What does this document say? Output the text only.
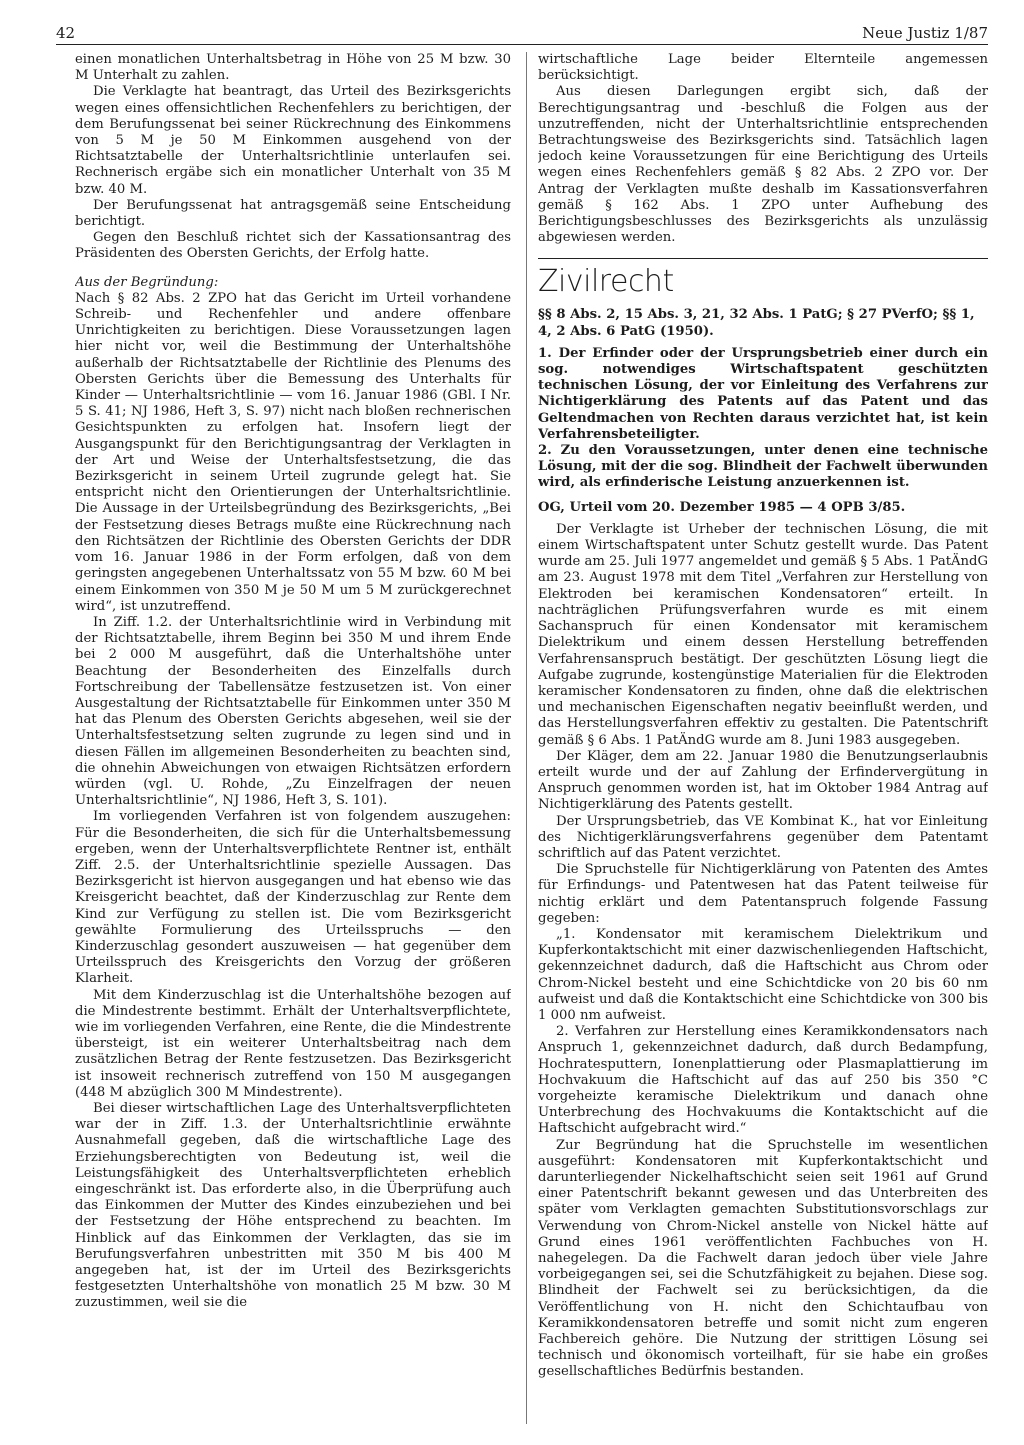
42	Neue Justiz 1/87

einen monatlichen Unterhaltsbetrag in Höhe von 25 M bzw. 30 M Unterhalt zu zahlen.

Die Verklagte hat beantragt, das Urteil des Bezirksgerichts wegen eines offensichtlichen Rechenfehlers zu berichtigen, der dem Berufungssenat bei seiner Rückrechnung des Einkommens von 5 M je 50 M Einkommen ausgehend von der Richtsatztabelle der Unterhaltsrichtlinie unterlaufen sei. Rechnerisch ergäbe sich ein monatlicher Unterhalt von 35 M bzw. 40 M.

Der Berufungssenat hat antragsgemäß seine Entscheidung berichtigt.

Gegen den Beschluß richtet sich der Kassationsantrag des Präsidenten des Obersten Gerichts, der Erfolg hatte.

Aus der Begründung:

Nach § 82 Abs. 2 ZPO hat das Gericht im Urteil vorhandene Schreib- und Rechenfehler und andere offenbare Unrichtigkeiten zu berichtigen. Diese Voraussetzungen lagen hier nicht vor, weil die Bestimmung der Unterhaltshöhe außerhalb der Richtsatztabelle der Richtlinie des Plenums des Obersten Gerichts über die Bemessung des Unterhalts für Kinder — Unterhaltsrichtlinie — vom 16. Januar 1986 (GBl. I Nr. 5 S. 41; NJ 1986, Heft 3, S. 97) nicht nach bloßen rechnerischen Gesichtspunkten zu erfolgen hat. Insofern liegt der Ausgangspunkt für den Berichtigungsantrag der Verklagten in der Art und Weise der Unterhaltsfestsetzung, die das Bezirksgericht in seinem Urteil zugrunde gelegt hat. Sie entspricht nicht den Orientierungen der Unterhaltsrichtlinie. Die Aussage in der Urteilsbegründung des Bezirksgerichts, „Bei der Festsetzung dieses Betrags mußte eine Rückrechnung nach den Richtsätzen der Richtlinie des Obersten Gerichts der DDR vom 16. Januar 1986 in der Form erfolgen, daß von dem geringsten angegebenen Unterhaltssatz von 55 M bzw. 60 M bei einem Einkommen von 350 M je 50 M um 5 M zurückgerechnet wird“, ist unzutreffend.

In Ziff. 1.2. der Unterhaltsrichtlinie wird in Verbindung mit der Richtsatztabelle, ihrem Beginn bei 350 M und ihrem Ende bei 2 000 M ausgeführt, daß die Unterhaltshöhe unter Beachtung der Besonderheiten des Einzelfalls durch Fortschreibung der Tabellensätze festzusetzen ist. Von einer Ausgestaltung der Richtsatztabelle für Einkommen unter 350 M hat das Plenum des Obersten Gerichts abgesehen, weil sie der Unterhaltsfestsetzung selten zugrunde zu legen sind und in diesen Fällen im allgemeinen Besonderheiten zu beachten sind, die ohnehin Abweichungen von etwaigen Richtsätzen erfordern würden (vgl. U. Rohde, „Zu Einzelfragen der neuen Unterhaltsrichtlinie“, NJ 1986, Heft 3, S. 101).

Im vorliegenden Verfahren ist von folgendem auszugehen: Für die Besonderheiten, die sich für die Unterhaltsbemessung ergeben, wenn der Unterhaltsverpflichtete Rentner ist, enthält Ziff. 2.5. der Unterhaltsrichtlinie spezielle Aussagen. Das Bezirksgericht ist hiervon ausgegangen und hat ebenso wie das Kreisgericht beachtet, daß der Kinderzuschlag zur Rente dem Kind zur Verfügung zu stellen ist. Die vom Bezirksgericht gewählte Formulierung des Urteilsspruchs — den Kinderzuschlag gesondert auszuweisen — hat gegenüber dem Urteilsspruch des Kreisgerichts den Vorzug der größeren Klarheit.

Mit dem Kinderzuschlag ist die Unterhaltshöhe bezogen auf die Mindestrente bestimmt. Erhält der Unterhaltsverpflichtete, wie im vorliegenden Verfahren, eine Rente, die die Mindestrente übersteigt, ist ein weiterer Unterhaltsbeitrag nach dem zusätzlichen Betrag der Rente festzusetzen. Das Bezirksgericht ist insoweit rechnerisch zutreffend von 150 M ausgegangen (448 M abzüglich 300 M Mindestrente).

Bei dieser wirtschaftlichen Lage des Unterhaltsverpflichteten war der in Ziff. 1.3. der Unterhaltsrichtlinie erwähnte Ausnahmefall gegeben, daß die wirtschaftliche Lage des Erziehungsberechtigten von Bedeutung ist, weil die Leistungsfähigkeit des Unterhaltsverpflichteten erheblich eingeschränkt ist. Das erforderte also, in die Überprüfung auch das Einkommen der Mutter des Kindes einzubeziehen und bei der Festsetzung der Höhe entsprechend zu beachten. Im Hinblick auf das Einkommen der Verklagten, das sie im Berufungsverfahren unbestritten mit 350 M bis 400 M angegeben hat, ist der im Urteil des Bezirksgerichts festgesetzten Unterhaltshöhe von monatlich 25 M bzw. 30 M zuzustimmen, weil sie die

wirtschaftliche Lage beider Elternteile angemessen berücksichtigt.

Aus diesen Darlegungen ergibt sich, daß der Berechtigungsantrag und -beschluß die Folgen aus der unzutreffenden, nicht der Unterhaltsrichtlinie entsprechenden Betrachtungsweise des Bezirksgerichts sind. Tatsächlich lagen jedoch keine Voraussetzungen für eine Berichtigung des Urteils wegen eines Rechenfehlers gemäß § 82 Abs. 2 ZPO vor. Der Antrag der Verklagten mußte deshalb im Kassationsverfahren gemäß § 162 Abs. 1 ZPO unter Aufhebung des Berichtigungsbeschlusses des Bezirksgerichts als unzulässig abgewiesen werden.

Zivilrecht

§§ 8 Abs. 2, 15 Abs. 3, 21, 32 Abs. 1 PatG; § 27 PVerfO; §§ 1, 4, 2 Abs. 6 PatG (1950).

1. Der Erfinder oder der Ursprungsbetrieb einer durch ein sog. notwendiges Wirtschaftspatent geschützten technischen Lösung, der vor Einleitung des Verfahrens zur Nichtigerklärung des Patents auf das Patent und das Geltendmachen von Rechten daraus verzichtet hat, ist kein Verfahrensbeteiligter.

2. Zu den Voraussetzungen, unter denen eine technische Lösung, mit der die sog. Blindheit der Fachwelt überwunden wird, als erfinderische Leistung anzuerkennen ist.

OG, Urteil vom 20. Dezember 1985 — 4 OPB 3/85.

Der Verklagte ist Urheber der technischen Lösung, die mit einem Wirtschaftspatent unter Schutz gestellt wurde. Das Patent wurde am 25. Juli 1977 angemeldet und gemäß § 5 Abs. 1 PatÄndG am 23. August 1978 mit dem Titel „Verfahren zur Herstellung von Elektroden bei keramischen Kondensatoren“ erteilt. In nachträglichen Prüfungsverfahren wurde es mit einem Sachanspruch für einen Kondensator mit keramischem Dielektrikum und einem dessen Herstellung betreffenden Verfahrensanspruch bestätigt. Der geschützten Lösung liegt die Aufgabe zugrunde, kostengünstige Materialien für die Elektroden keramischer Kondensatoren zu finden, ohne daß die elektrischen und mechanischen Eigenschaften negativ beeinflußt werden, und das Herstellungsverfahren effektiv zu gestalten. Die Patentschrift gemäß § 6 Abs. 1 PatÄndG wurde am 8. Juni 1983 ausgegeben.

Der Kläger, dem am 22. Januar 1980 die Benutzungserlaubnis erteilt wurde und der auf Zahlung der Erfindervergütung in Anspruch genommen worden ist, hat im Oktober 1984 Antrag auf Nichtigerklärung des Patents gestellt.

Der Ursprungsbetrieb, das VE Kombinat K., hat vor Einleitung des Nichtigerklärungsverfahrens gegenüber dem Patentamt schriftlich auf das Patent verzichtet.

Die Spruchstelle für Nichtigerklärung von Patenten des Amtes für Erfindungs- und Patentwesen hat das Patent teilweise für nichtig erklärt und dem Patentanspruch folgende Fassung gegeben:

„1. Kondensator mit keramischem Dielektrikum und Kupferkontaktschicht mit einer dazwischenliegenden Haftschicht, gekennzeichnet dadurch, daß die Haftschicht aus Chrom oder Chrom-Nickel besteht und eine Schichtdicke von 20 bis 60 nm aufweist und daß die Kontaktschicht eine Schichtdicke von 300 bis 1 000 nm aufweist.

2. Verfahren zur Herstellung eines Keramikkondensators nach Anspruch 1, gekennzeichnet dadurch, daß durch Bedampfung, Hochratesputtern, Ionenplattierung oder Plasmaplattierung im Hochvakuum die Haftschicht auf das auf 250 bis 350 °C vorgeheizte keramische Dielektrikum und danach ohne Unterbrechung des Hochvakuums die Kontaktschicht auf die Haftschicht aufgebracht wird.“

Zur Begründung hat die Spruchstelle im wesentlichen ausgeführt: Kondensatoren mit Kupferkontaktschicht und darunterliegender Nickelhaftschicht seien seit 1961 auf Grund einer Patentschrift bekannt gewesen und das Unterbreiten des später vom Verklagten gemachten Substitutionsvorschlags zur Verwendung von Chrom-Nickel anstelle von Nickel hätte auf Grund eines 1961 veröffentlichten Fachbuches von H. nahegelegen. Da die Fachwelt daran jedoch über viele Jahre vorbeigegangen sei, sei die Schutzfähigkeit zu bejahen. Diese sog. Blindheit der Fachwelt sei zu berücksichtigen, da die Veröffentlichung von H. nicht den Schichtaufbau von Keramikkondensatoren betreffe und somit nicht zum engeren Fachbereich gehöre. Die Nutzung der strittigen Lösung sei technisch und ökonomisch vorteilhaft, für sie habe ein großes gesellschaftliches Bedürfnis bestanden.
